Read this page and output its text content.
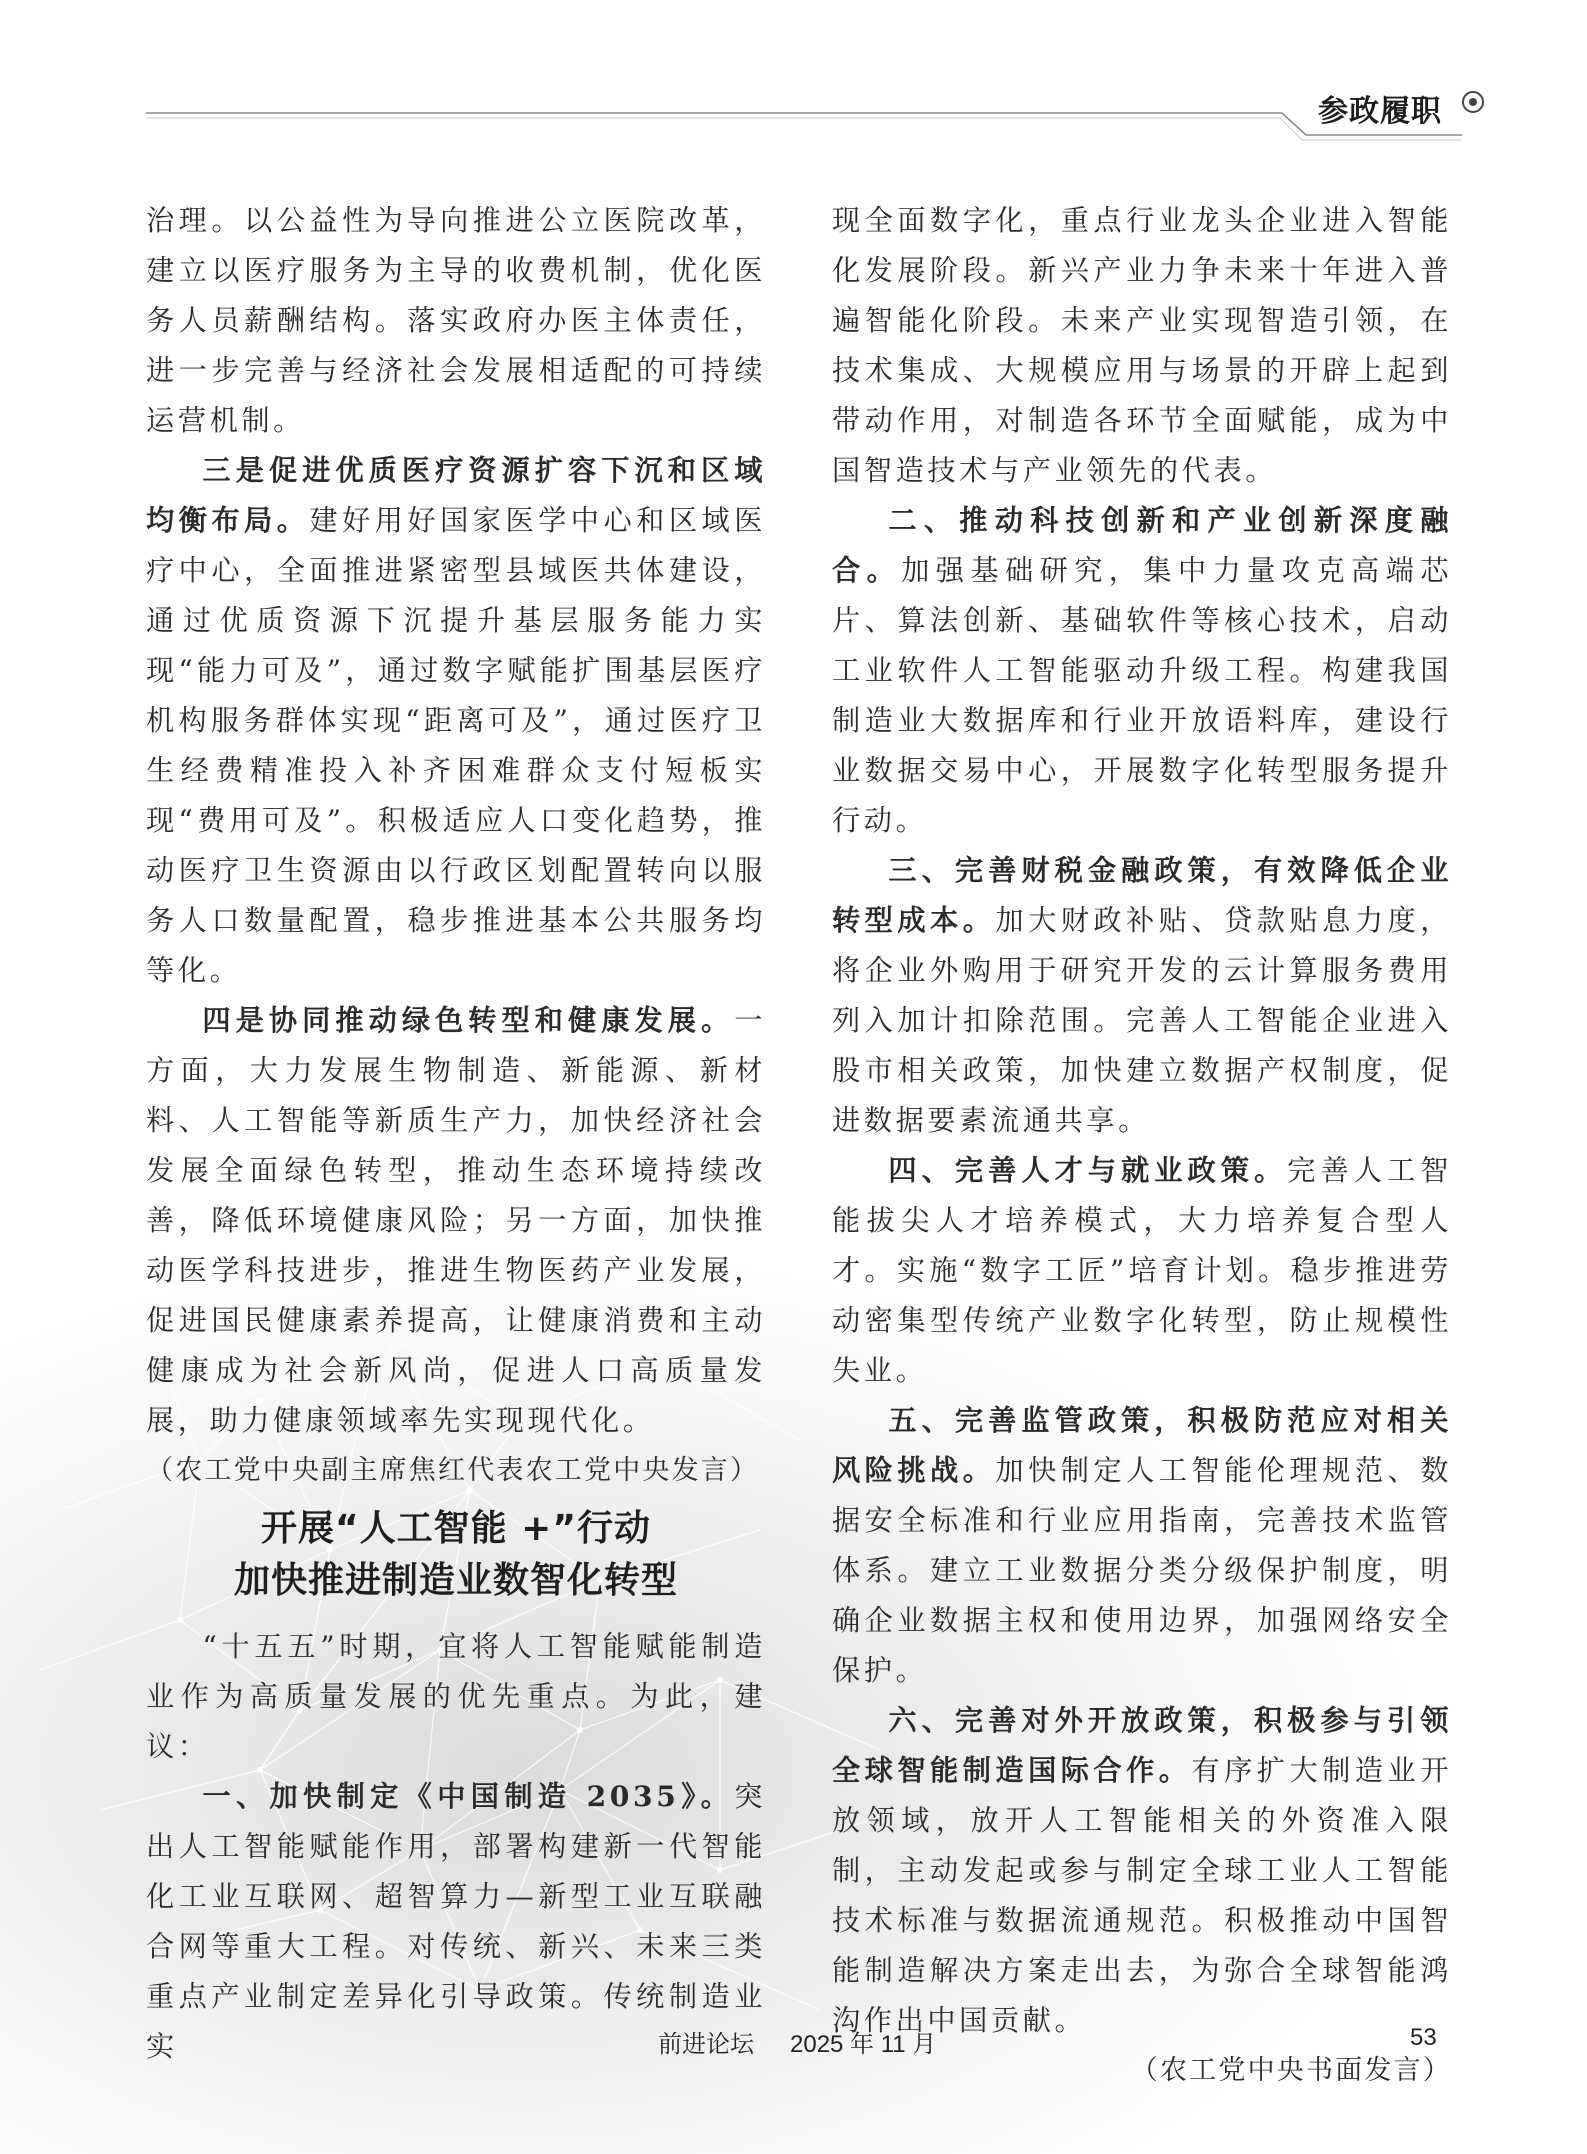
参政履职

治理。以公益性为导向推进公立医院改革，建立以医疗服务为主导的收费机制，优化医务人员薪酬结构。落实政府办医主体责任，进一步完善与经济社会发展相适配的可持续运营机制。

三是促进优质医疗资源扩容下沉和区域均衡布局。建好用好国家医学中心和区域医疗中心，全面推进紧密型县域医共体建设，通过优质资源下沉提升基层服务能力实现“能力可及”，通过数字赋能扩围基层医疗机构服务群体实现“距离可及”，通过医疗卫生经费精准投入补齐困难群众支付短板实现“费用可及”。积极适应人口变化趋势，推动医疗卫生资源由以行政区划配置转向以服务人口数量配置，稳步推进基本公共服务均等化。

四是协同推动绿色转型和健康发展。一方面，大力发展生物制造、新能源、新材料、人工智能等新质生产力，加快经济社会发展全面绿色转型，推动生态环境持续改善，降低环境健康风险；另一方面，加快推动医学科技进步，推进生物医药产业发展，促进国民健康素养提高，让健康消费和主动健康成为社会新风尚，促进人口高质量发展，助力健康领域率先实现现代化。

（农工党中央副主席焦红代表农工党中央发言）

开展“人工智能 +”行动
加快推进制造业数智化转型

“十五五”时期，宜将人工智能赋能制造业作为高质量发展的优先重点。为此，建议：

一、加快制定《中国制造 2035》。突出人工智能赋能作用，部署构建新一代智能化工业互联网、超智算力—新型工业互联融合网等重大工程。对传统、新兴、未来三类重点产业制定差异化引导政策。传统制造业实

现全面数字化，重点行业龙头企业进入智能化发展阶段。新兴产业力争未来十年进入普遍智能化阶段。未来产业实现智造引领，在技术集成、大规模应用与场景的开辟上起到带动作用，对制造各环节全面赋能，成为中国智造技术与产业领先的代表。

二、推动科技创新和产业创新深度融合。加强基础研究，集中力量攻克高端芯片、算法创新、基础软件等核心技术，启动工业软件人工智能驱动升级工程。构建我国制造业大数据库和行业开放语料库，建设行业数据交易中心，开展数字化转型服务提升行动。

三、完善财税金融政策，有效降低企业转型成本。加大财政补贴、贷款贴息力度，将企业外购用于研究开发的云计算服务费用列入加计扣除范围。完善人工智能企业进入股市相关政策，加快建立数据产权制度，促进数据要素流通共享。

四、完善人才与就业政策。完善人工智能拔尖人才培养模式，大力培养复合型人才。实施“数字工匠”培育计划。稳步推进劳动密集型传统产业数字化转型，防止规模性失业。

五、完善监管政策，积极防范应对相关风险挑战。加快制定人工智能伦理规范、数据安全标准和行业应用指南，完善技术监管体系。建立工业数据分类分级保护制度，明确企业数据主权和使用边界，加强网络安全保护。

六、完善对外开放政策，积极参与引领全球智能制造国际合作。有序扩大制造业开放领域，放开人工智能相关的外资准入限制，主动发起或参与制定全球工业人工智能技术标准与数据流通规范。积极推动中国智能制造解决方案走出去，为弥合全球智能鸿沟作出中国贡献。

（农工党中央书面发言）

前进论坛 2025 年 11 月	53
